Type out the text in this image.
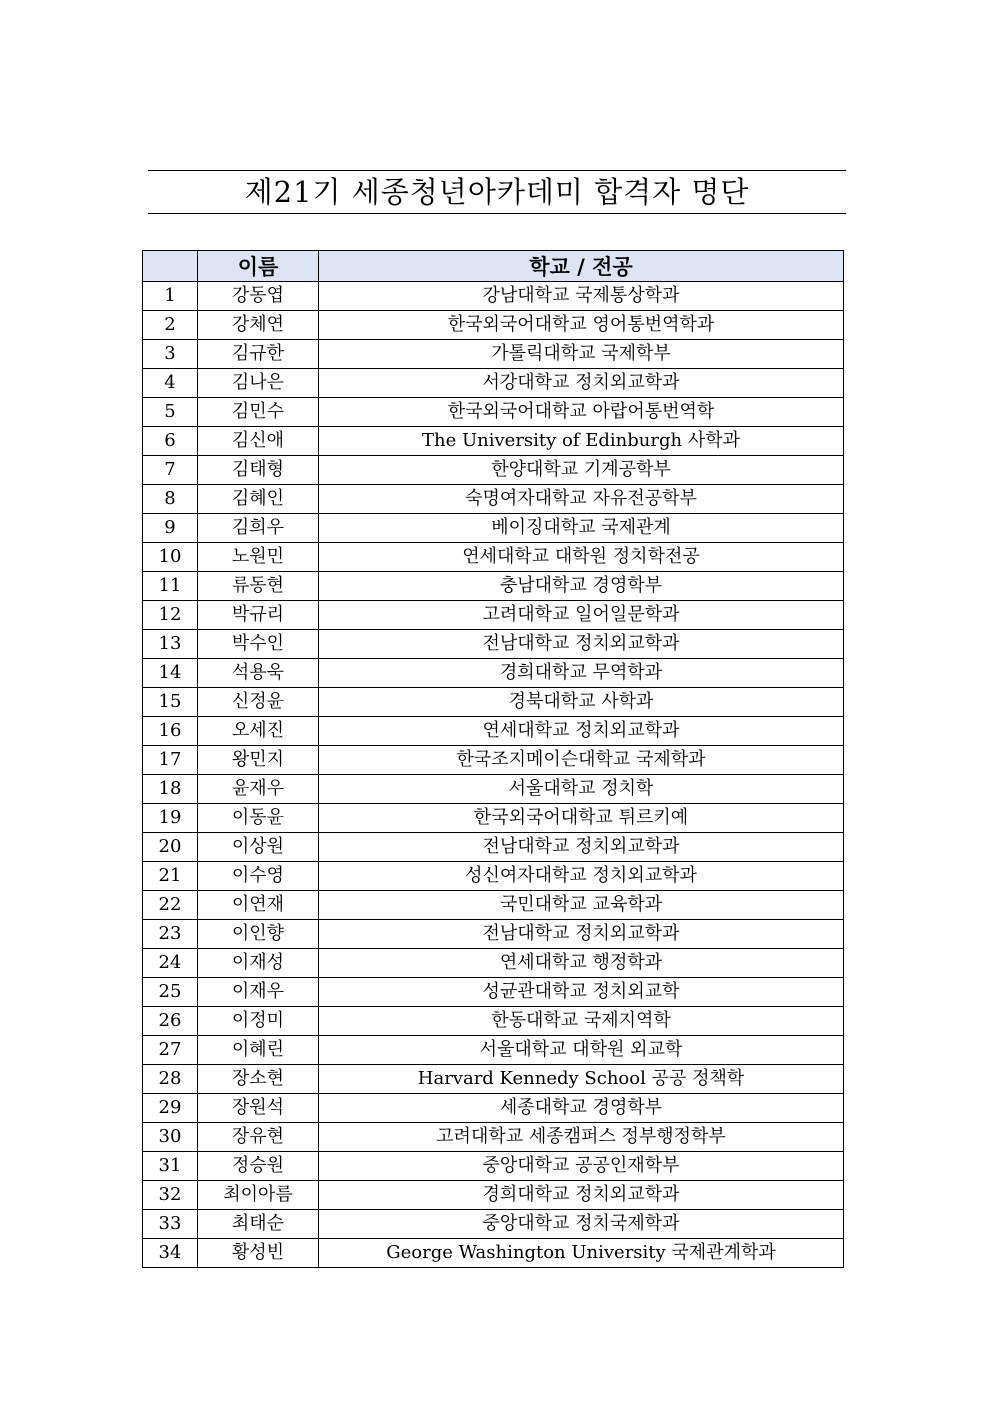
제21기 세종청년아카데미 합격자 명단
	이름	학교 / 전공
1	강동엽	강남대학교 국제통상학과
2	강체연	한국외국어대학교 영어통번역학과
3	김규한	가톨릭대학교 국제학부
4	김나은	서강대학교 정치외교학과
5	김민수	한국외국어대학교 아랍어통번역학
6	김신애	The University of Edinburgh 사학과
7	김태형	한양대학교 기계공학부
8	김혜인	숙명여자대학교 자유전공학부
9	김희우	베이징대학교 국제관계
10	노원민	연세대학교 대학원 정치학전공
11	류동현	충남대학교 경영학부
12	박규리	고려대학교 일어일문학과
13	박수인	전남대학교 정치외교학과
14	석용욱	경희대학교 무역학과
15	신정윤	경북대학교 사학과
16	오세진	연세대학교 정치외교학과
17	왕민지	한국조지메이슨대학교 국제학과
18	윤재우	서울대학교 정치학
19	이동윤	한국외국어대학교 튀르키예
20	이상원	전남대학교 정치외교학과
21	이수영	성신여자대학교 정치외교학과
22	이연재	국민대학교 교육학과
23	이인향	전남대학교 정치외교학과
24	이재성	연세대학교 행정학과
25	이재우	성균관대학교 정치외교학
26	이정미	한동대학교 국제지역학
27	이혜린	서울대학교 대학원 외교학
28	장소현	Harvard Kennedy School 공공 정책학
29	장원석	세종대학교 경영학부
30	장유현	고려대학교 세종캠퍼스 정부행정학부
31	정승원	중앙대학교 공공인재학부
32	최이아름	경희대학교 정치외교학과
33	최태순	중앙대학교 정치국제학과
34	황성빈	George Washington University 국제관계학과
